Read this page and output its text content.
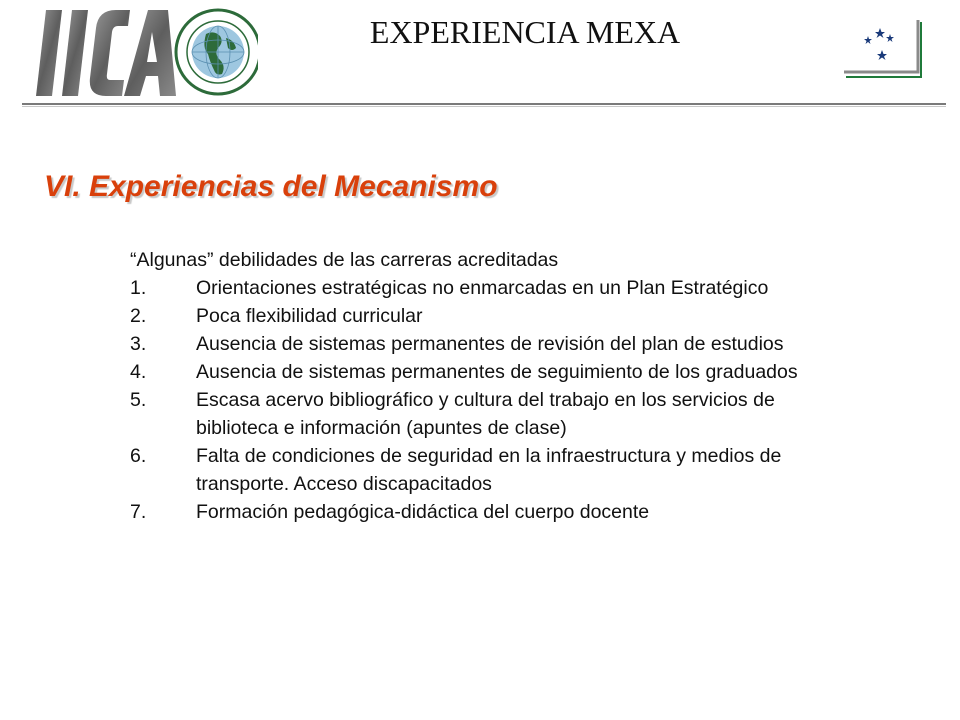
EXPERIENCIA MEXA
VI. Experiencias del Mecanismo

“Algunas” debilidades de las carreras acreditadas

1.	Orientaciones estratégicas no enmarcadas en un Plan Estratégico
2.	Poca flexibilidad curricular
3.	Ausencia de sistemas permanentes de revisión del plan de estudios
4.	Ausencia de sistemas permanentes de seguimiento de los graduados
5.	Escasa acervo bibliográfico y cultura del trabajo en los servicios de biblioteca e información (apuntes de clase)
6.	Falta de condiciones de seguridad en la infraestructura y medios de transporte. Acceso discapacitados
7.	Formación pedagógica-didáctica del cuerpo docente
